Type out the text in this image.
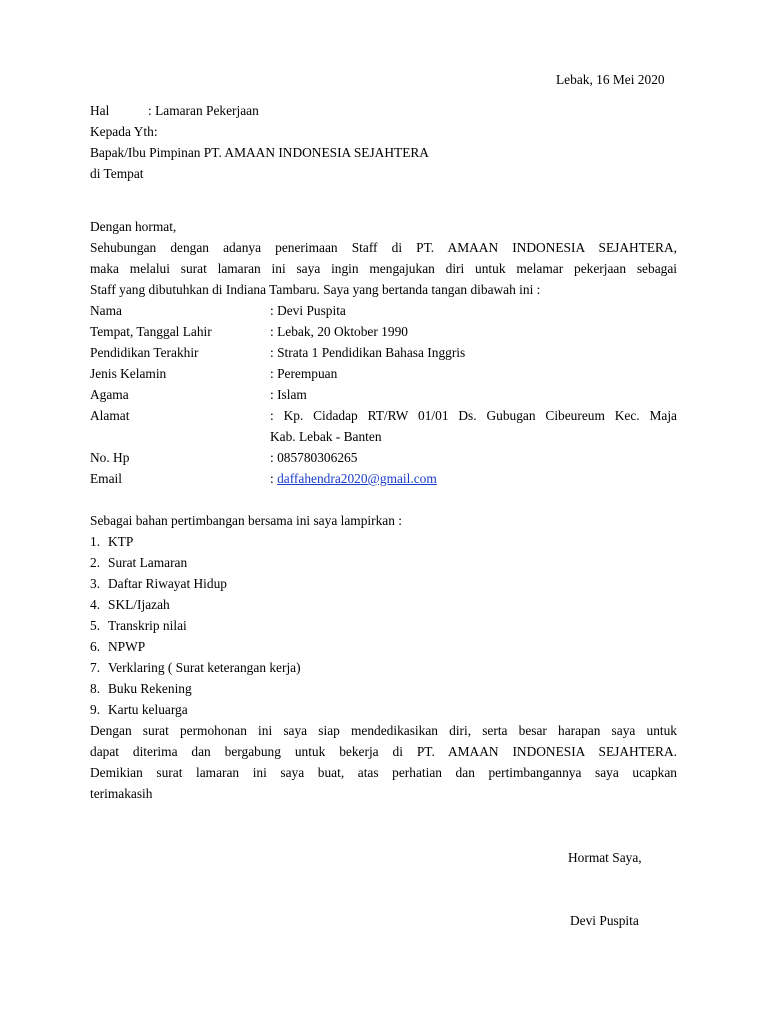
Lebak, 16 Mei 2020
Hal	: Lamaran Pekerjaan
Kepada Yth:
Bapak/Ibu Pimpinan PT. AMAAN INDONESIA SEJAHTERA
di Tempat
Dengan hormat,
Sehubungan dengan adanya penerimaan Staff di PT. AMAAN INDONESIA SEJAHTERA,
maka melalui surat lamaran ini saya ingin mengajukan diri untuk melamar pekerjaan sebagai
Staff yang dibutuhkan di Indiana Tambaru. Saya yang bertanda tangan dibawah ini :
Nama	: Devi Puspita
Tempat, Tanggal Lahir	: Lebak, 20 Oktober 1990
Pendidikan Terakhir	: Strata 1 Pendidikan Bahasa Inggris
Jenis Kelamin	: Perempuan
Agama	: Islam
Alamat	: Kp. Cidadap RT/RW 01/01 Ds. Gubugan Cibeureum Kec. Maja
Kab. Lebak - Banten
No. Hp	: 085780306265
Email	: daffahendra2020@gmail.com
Sebagai bahan pertimbangan bersama ini saya lampirkan :
1. KTP
2. Surat Lamaran
3. Daftar Riwayat Hidup
4. SKL/Ijazah
5. Transkrip nilai
6. NPWP
7. Verklaring ( Surat keterangan kerja)
8. Buku Rekening
9. Kartu keluarga
Dengan surat permohonan ini saya siap mendedikasikan diri, serta besar harapan saya untuk
dapat diterima dan bergabung untuk bekerja di PT. AMAAN INDONESIA SEJAHTERA.
Demikian surat lamaran ini saya buat, atas perhatian dan pertimbangannya saya ucapkan
terimakasih
Hormat Saya,
Devi Puspita
